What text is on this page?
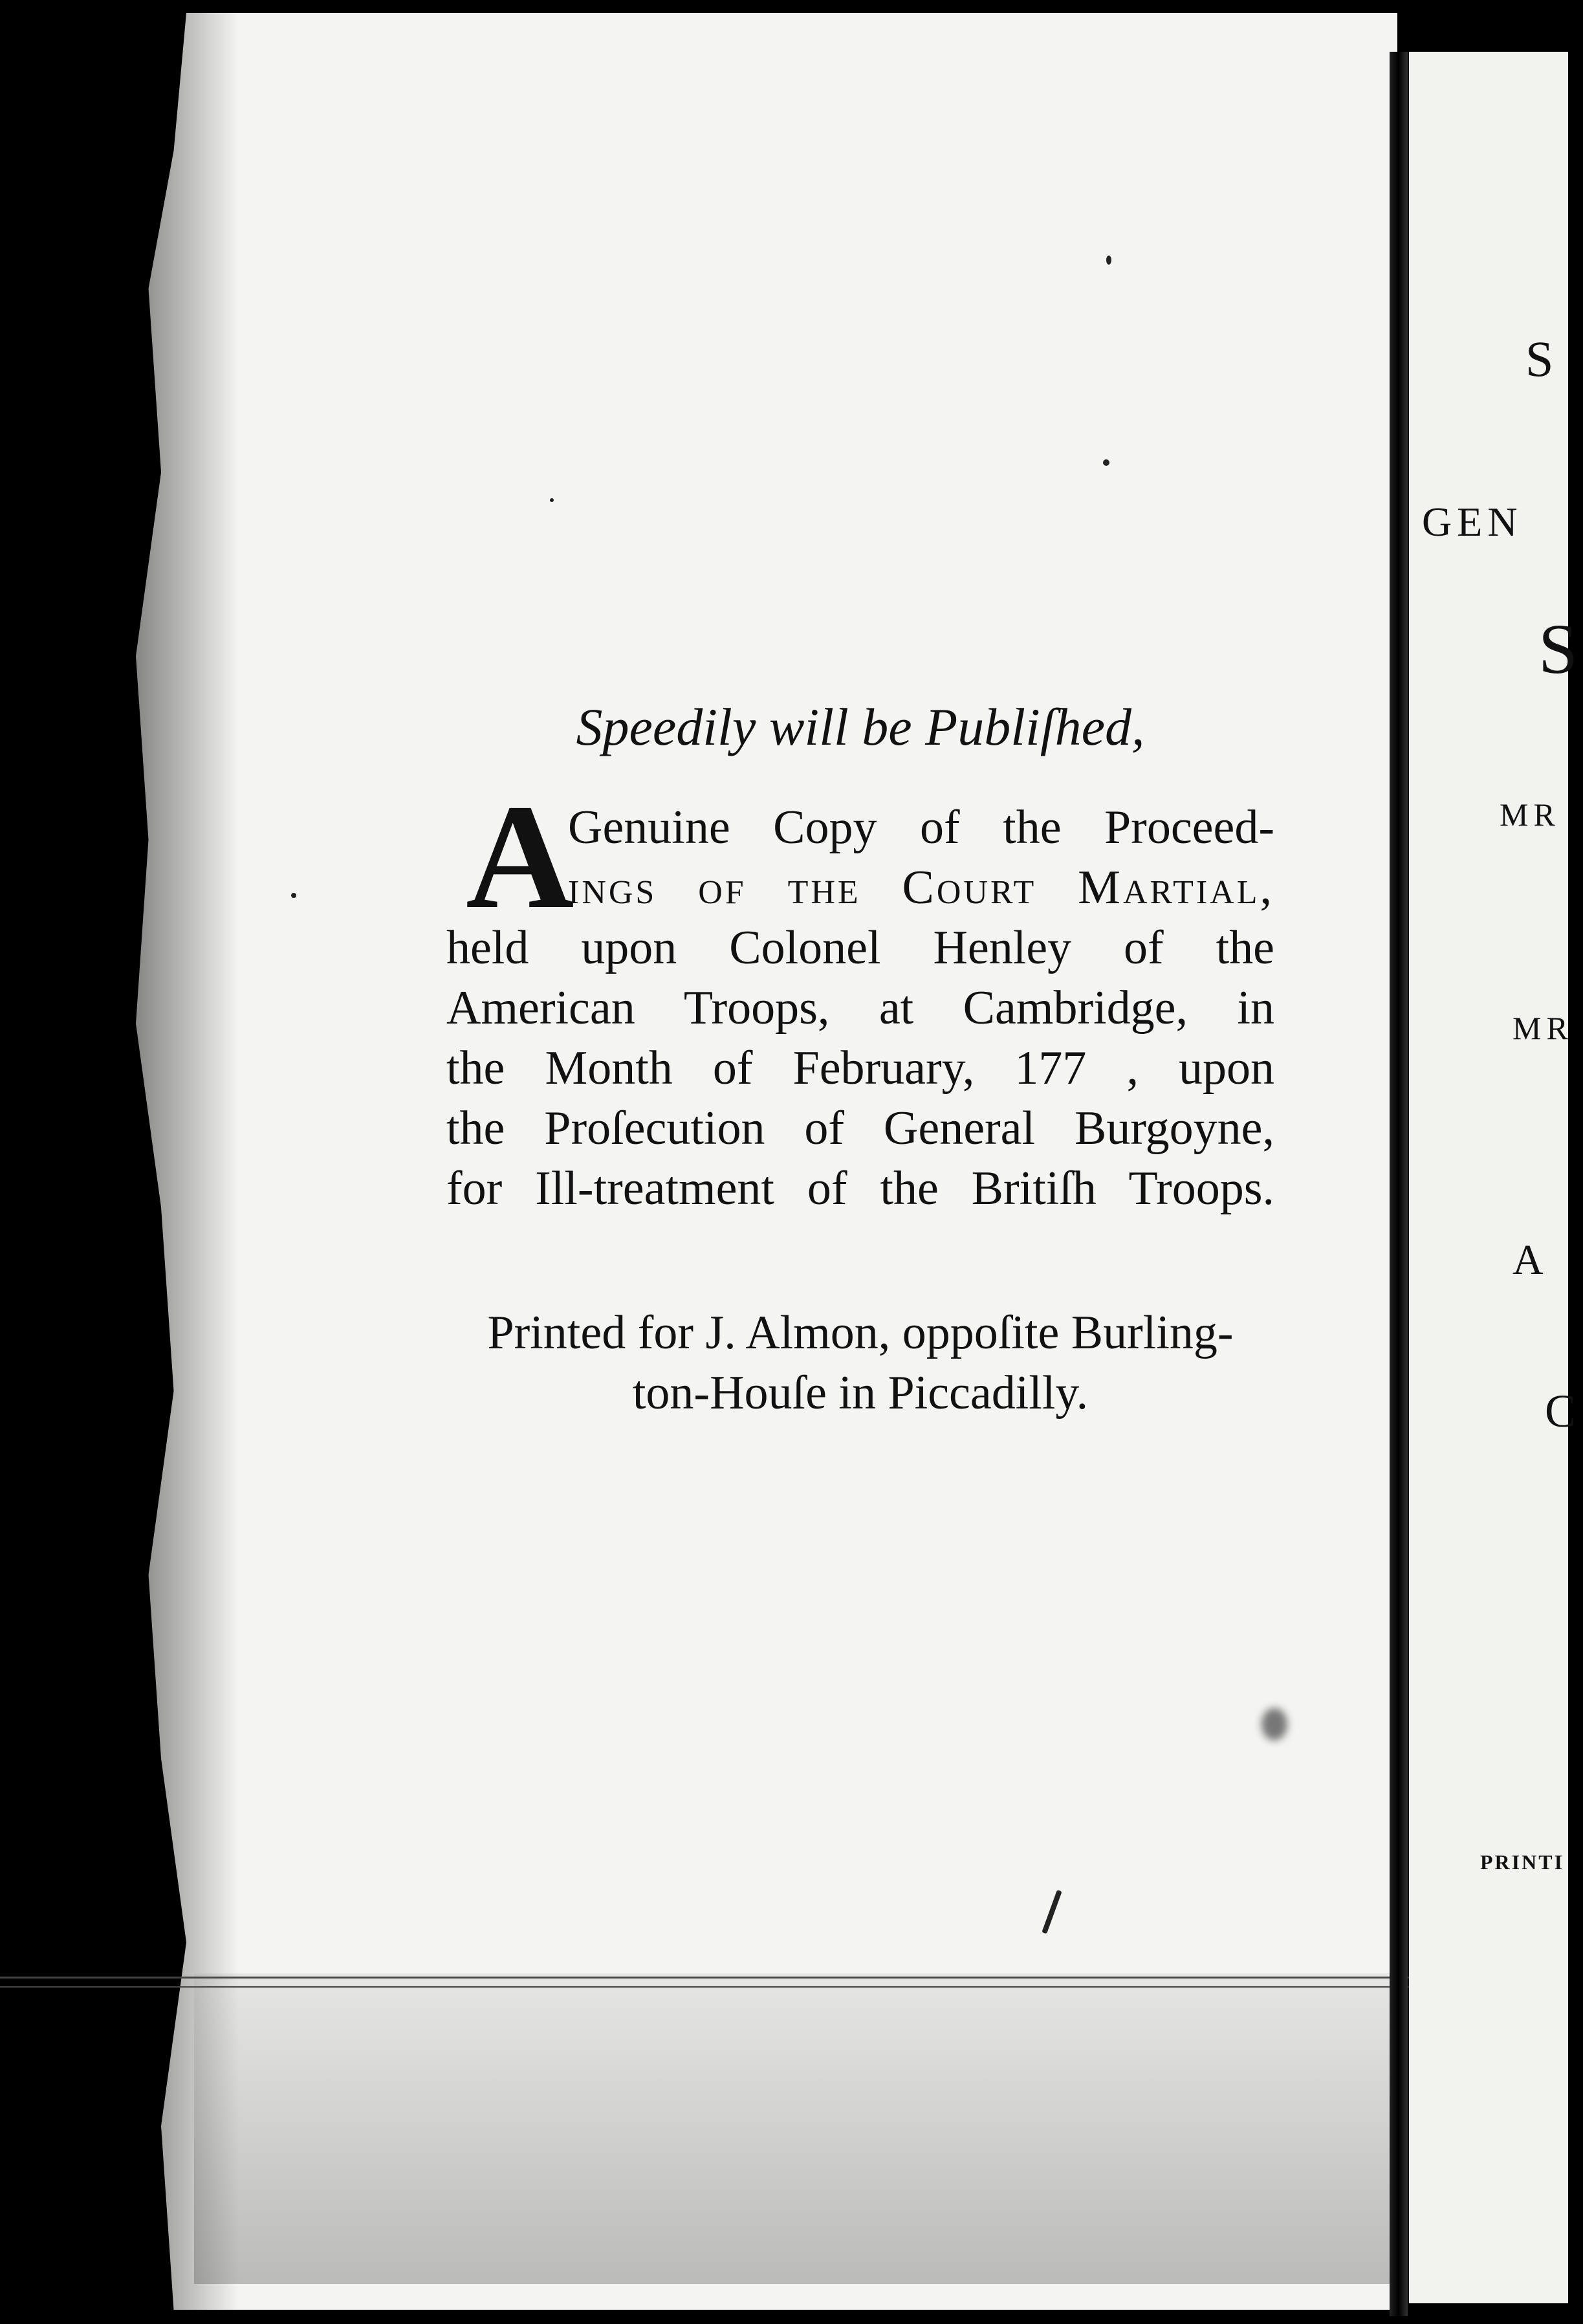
S
GEN
S
MR
MR
A
C
PRINTI
Speedily will be Publiſhed,
A
Genuine Copy of the Proceed-
ings of the Court Martial,
held upon Colonel Henley of the
American Troops, at Cambridge, in
the Month of February, 177 , upon
the Proſecution of General Burgoyne,
for Ill-treatment of the Britiſh Troops.
Printed for J. Almon, oppoſite Burling-
ton-Houſe in Piccadilly.
